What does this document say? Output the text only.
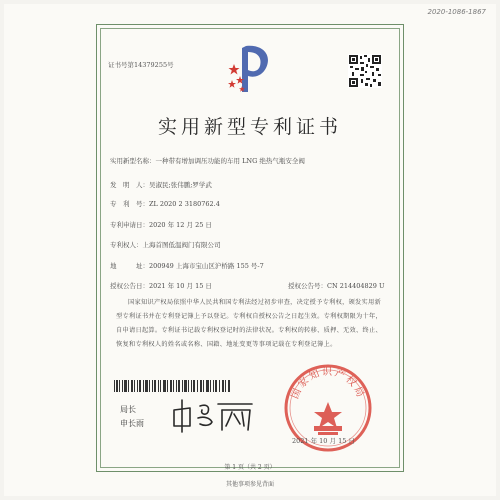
2020-1086-1867
证书号第14379255号
实用新型专利证书
实用新型名称：一种带有增加调压功能的车用 LNG 绝热气瓶安全阀
发　明　人：吴淑民;张伟鹏;罗学武
专　利　号：ZL 2020 2 3180762.4
专利申请日：2020 年 12 月 25 日
专利权人：上海首图低温阀门有限公司
地　　　址：200949 上海市宝山区沪桥路 155 号-7
授权公告日：2021 年 10 月 15 日	授权公告号：CN 214404829 U
国家知识产权局依照中华人民共和国专利法经过初步审查，决定授予专利权，颁发实用新型专利证书并在专利登记簿上予以登记。专利权自授权公告之日起生效。专利权期限为十年，自申请日起算。专利证书记载专利权登记时的法律状况。专利权的转移、质押、无效、终止、恢复和专利权人的姓名或名称、国籍、地址变更等事项记载在专利登记簿上。
局长
申长雨
国家知识产权局
2021 年 10 月 15 日
第 1 页（共 2 页）
其他事项参见背面
